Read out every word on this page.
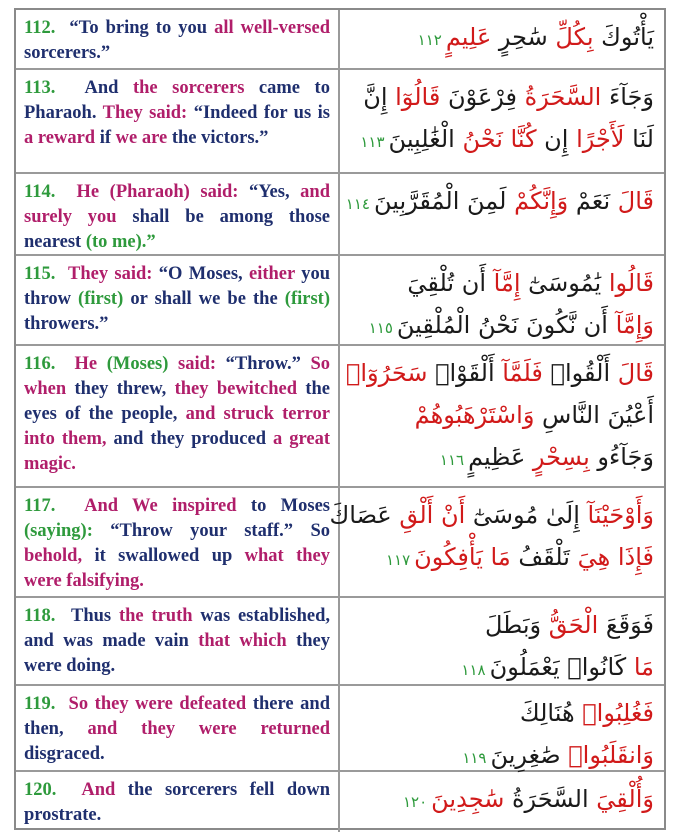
112. “To bring to you all well-versed sorcerers.”
يَأْتُوكَ بِكُلِّ سَٰحِرٍ عَلِيمٍ١١٢
113. And the sorcerers came to Pharaoh. They said: “Indeed for us is a reward if we are the victors.”
وَجَآءَ السَّحَرَةُ فِرْعَوْنَ قَالُوٓا إِنَّ
لَنَا لَأَجْرًا إِن كُنَّا نَحْنُ الْغَٰلِبِينَ١١٣
114. He (Pharaoh) said: “Yes, and surely you shall be among those nearest (to me).”
قَالَ نَعَمْ وَإِنَّكُمْ لَمِنَ الْمُقَرَّبِينَ١١٤
115. They said: “O Moses, either you throw (first) or shall we be the (first) throwers.”
قَالُوا يَٰمُوسَىٰٓ إِمَّآ أَن تُلْقِيَ
وَإِمَّآ أَن نَّكُونَ نَحْنُ الْمُلْقِينَ١١٥
116. He (Moses) said: “Throw.” So when they threw, they bewitched the eyes of the people, and struck terror into them, and they produced a great magic.
قَالَ أَلْقُوا۟ فَلَمَّآ أَلْقَوْا۟ سَحَرُوٓا۟
أَعْيُنَ النَّاسِ وَاسْتَرْهَبُوهُمْ
وَجَآءُو بِسِحْرٍ عَظِيمٍ١١٦
117. And We inspired to Moses (saying): “Throw your staff.” So behold, it swallowed up what they were falsifying.
وَأَوْحَيْنَآ إِلَىٰ مُوسَىٰٓ أَنْ أَلْقِ عَصَاكَ
فَإِذَا هِيَ تَلْقَفُ مَا يَأْفِكُونَ١١٧
118. Thus the truth was established, and was made vain that which they were doing.
فَوَقَعَ الْحَقُّ وَبَطَلَ
مَا كَانُوا۟ يَعْمَلُونَ١١٨
119. So they were defeated there and then, and they were returned disgraced.
فَغُلِبُوا۟ هُنَالِكَ
وَانقَلَبُوا۟ صَٰغِرِينَ١١٩
120. And the sorcerers fell down prostrate.
وَأُلْقِيَ السَّحَرَةُ سَٰجِدِينَ١٢٠
